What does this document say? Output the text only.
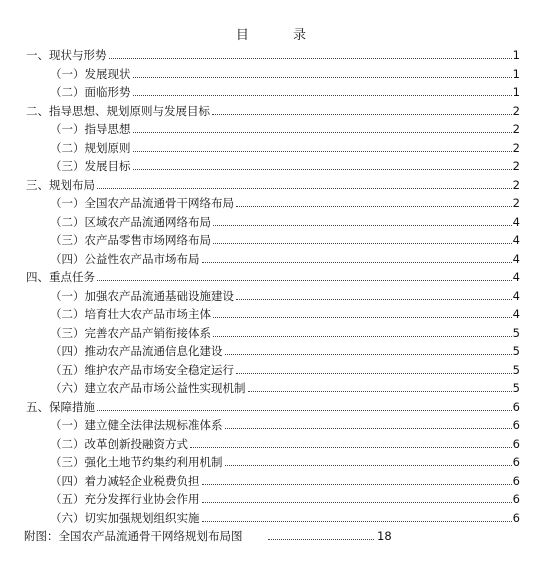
目 录
一、现状与形势	1
（一）发展现状	1
（二）面临形势	1
二、指导思想、规划原则与发展目标	2
（一）指导思想	2
（二）规划原则	2
（三）发展目标	2
三、规划布局	2
（一）全国农产品流通骨干网络布局	2
（二）区域农产品流通网络布局	4
（三）农产品零售市场网络布局	4
（四）公益性农产品市场布局	4
四、重点任务	4
（一）加强农产品流通基础设施建设	4
（二）培育壮大农产品市场主体	4
（三）完善农产品产销衔接体系	5
（四）推动农产品流通信息化建设	5
（五）维护农产品市场安全稳定运行	5
（六）建立农产品市场公益性实现机制	5
五、保障措施	6
（一）建立健全法律法规标准体系	6
（二）改革创新投融资方式	6
（三）强化土地节约集约利用机制	6
（四）着力减轻企业税费负担	6
（五）充分发挥行业协会作用	6
（六）切实加强规划组织实施	6
附图：全国农产品流通骨干网络规划布局图	18
